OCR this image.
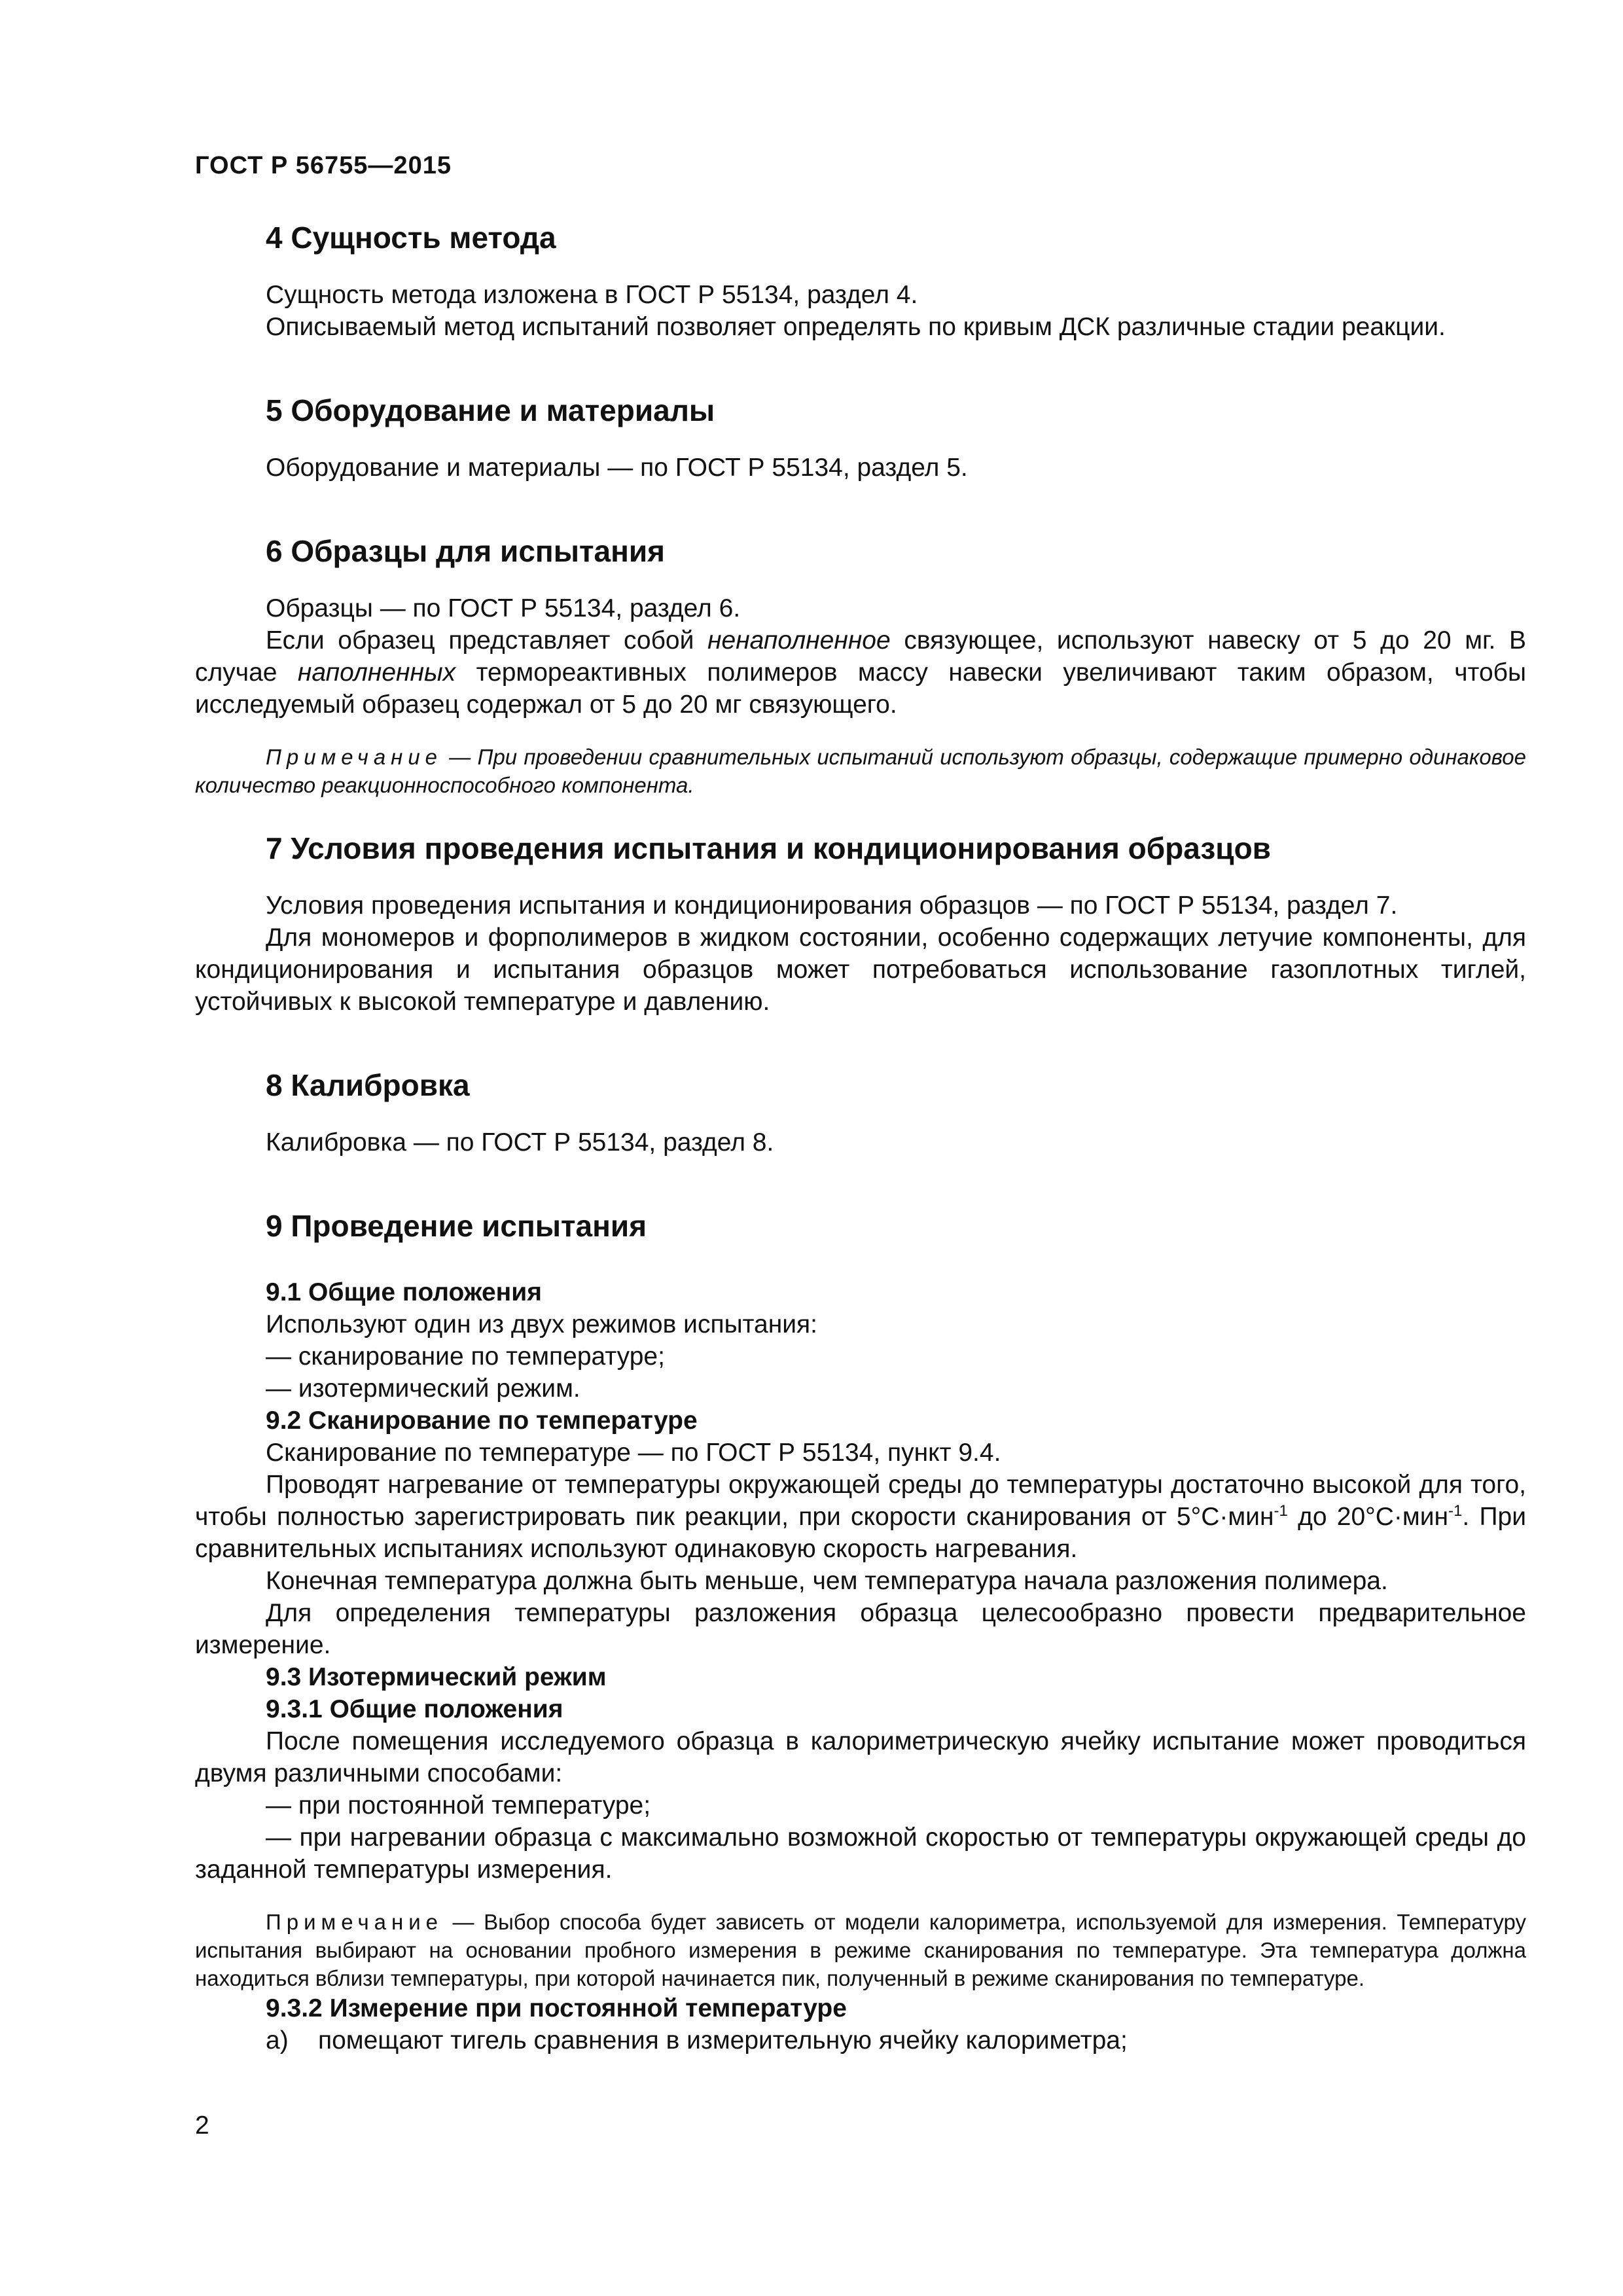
ГОСТ Р 56755—2015
4 Сущность метода

Сущность метода изложена в ГОСТ Р 55134, раздел 4.

Описываемый метод испытаний позволяет определять по кривым ДСК различные стадии реакции.

5 Оборудование и материалы

Оборудование и материалы — по ГОСТ Р 55134, раздел 5.

6 Образцы для испытания

Образцы — по ГОСТ Р 55134, раздел 6.

Если образец представляет собой ненаполненное связующее, используют навеску от 5 до 20 мг. В случае наполненных термореактивных полимеров массу навески увеличивают таким образом, чтобы исследуемый образец содержал от 5 до 20 мг связующего.

Примечание — При проведении сравнительных испытаний используют образцы, содержащие примерно одинаковое количество реакционноспособного компонента.

7 Условия проведения испытания и кондиционирования образцов

Условия проведения испытания и кондиционирования образцов — по ГОСТ Р 55134, раздел 7.

Для мономеров и форполимеров в жидком состоянии, особенно содержащих летучие компоненты, для кондиционирования и испытания образцов может потребоваться использование газоплотных тиглей, устойчивых к высокой температуре и давлению.

8 Калибровка

Калибровка — по ГОСТ Р 55134, раздел 8.

9 Проведение испытания
9.1 Общие положения

Используют один из двух режимов испытания:

— сканирование по температуре;

— изотермический режим.

9.2 Сканирование по температуре

Сканирование по температуре — по ГОСТ Р 55134, пункт 9.4.

Проводят нагревание от температуры окружающей среды до температуры достаточно высокой для того, чтобы полностью зарегистрировать пик реакции, при скорости сканирования от 5°С·мин$^{-1}$ до 20°С·мин$^{-1}$. При сравнительных испытаниях используют одинаковую скорость нагревания.

Конечная температура должна быть меньше, чем температура начала разложения полимера.

Для определения температуры разложения образца целесообразно провести предварительное измерение.

9.3 Изотермический режим
9.3.1 Общие положения

После помещения исследуемого образца в калориметрическую ячейку испытание может проводиться двумя различными способами:

— при постоянной температуре;

— при нагревании образца с максимально возможной скоростью от температуры окружающей среды до заданной температуры измерения.

Примечание — Выбор способа будет зависеть от модели калориметра, используемой для измерения. Температуру испытания выбирают на основании пробного измерения в режиме сканирования по температуре. Эта температура должна находиться вблизи температуры, при которой начинается пик, полученный в режиме сканирования по температуре.

9.3.2 Измерение при постоянной температуре
а) помещают тигель сравнения в измерительную ячейку калориметра;
2
